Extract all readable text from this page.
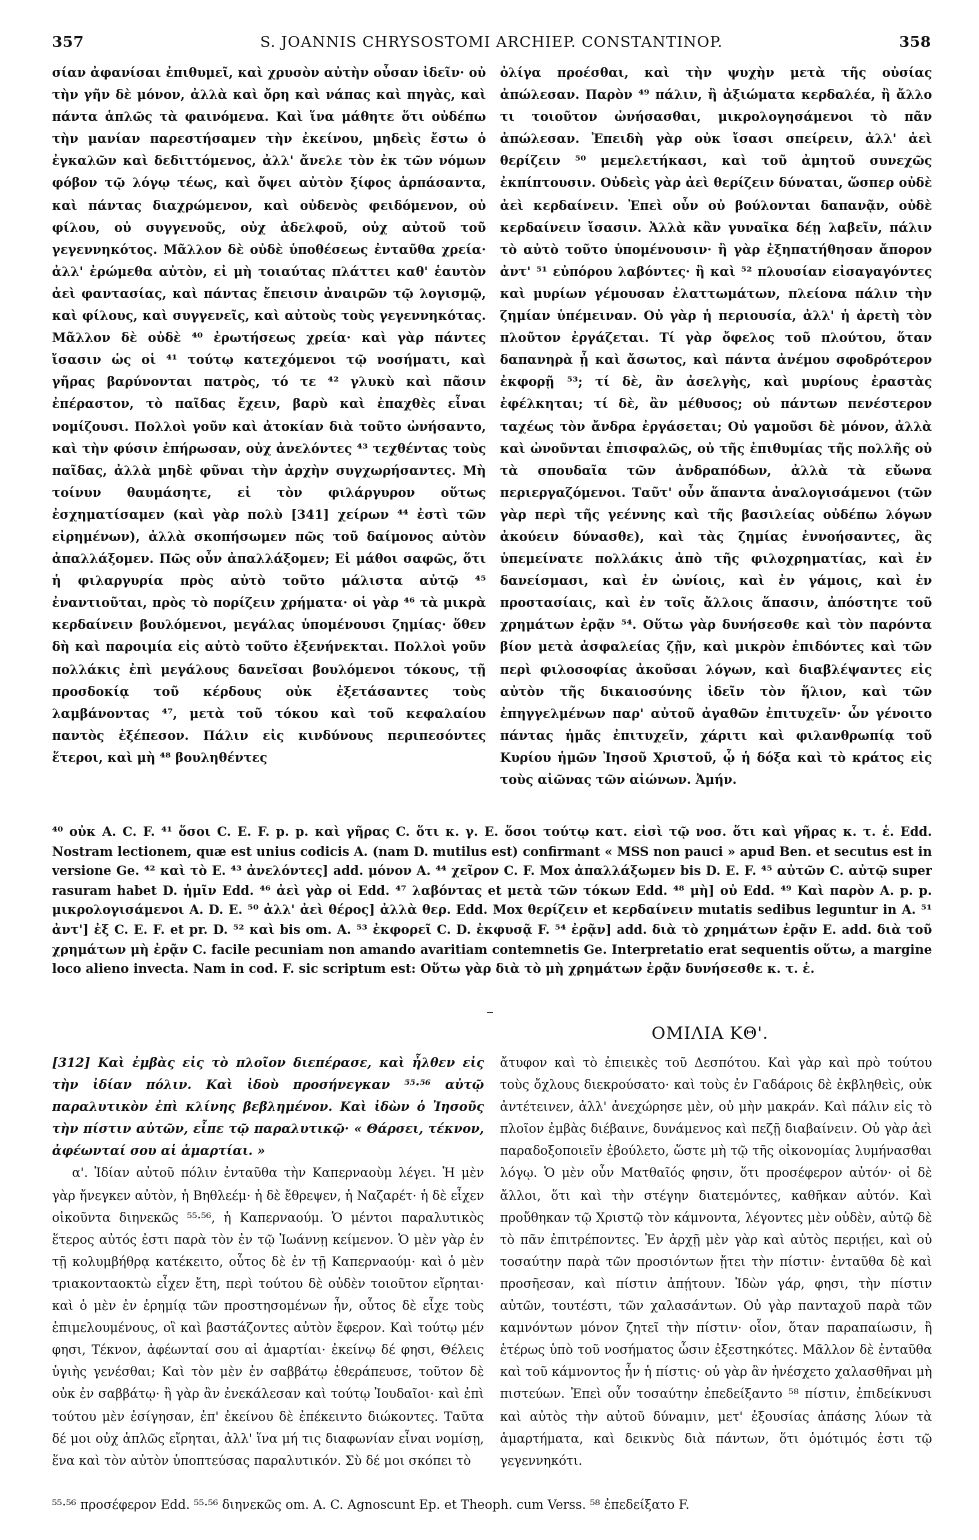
357	S. JOANNIS CHRYSOSTOMI ARCHIEP. CONSTANTINOP.	358

σίαν ἀφανίσαι ἐπιθυμεῖ, καὶ χρυσὸν αὐτὴν οὖσαν ἰδεῖν· οὐ τὴν γῆν δὲ μόνον, ἀλλὰ καὶ ὄρη καὶ νάπας καὶ πηγὰς, καὶ πάντα ἁπλῶς τὰ φαινόμενα. Καὶ ἵνα μάθητε ὅτι οὐδέπω τὴν μανίαν παρεστήσαμεν τὴν ἐκείνου, μηδεὶς ἔστω ὁ ἐγκαλῶν καὶ δεδιττόμενος, ἀλλ' ἄνελε τὸν ἐκ τῶν νόμων φόβον τῷ λόγῳ τέως, καὶ ὄψει αὐτὸν ξίφος ἁρπάσαντα, καὶ πάντας διαχρώμενον, καὶ οὐδενὸς φειδόμενον, οὐ φίλου, οὐ συγγενοῦς, οὐχ ἀδελφοῦ, οὐχ αὐτοῦ τοῦ γεγεννηκότος. Μᾶλλον δὲ οὐδὲ ὑποθέσεως ἐνταῦθα χρεία· ἀλλ' ἐρώμεθα αὐτὸν, εἰ μὴ τοιαύτας πλάττει καθ' ἑαυτὸν ἀεὶ φαντασίας, καὶ πάντας ἔπεισιν ἀναιρῶν τῷ λογισμῷ, καὶ φίλους, καὶ συγγενεῖς, καὶ αὐτοὺς τοὺς γεγεννηκότας. Μᾶλλον δὲ οὐδὲ ⁴⁰ ἐρωτήσεως χρεία· καὶ γὰρ πάντες ἴσασιν ὡς οἱ ⁴¹ τούτῳ κατεχόμενοι τῷ νοσήματι, καὶ γῆρας βαρύνονται πατρὸς, τό τε ⁴² γλυκὺ καὶ πᾶσιν ἐπέραστον, τὸ παῖδας ἔχειν, βαρὺ καὶ ἐπαχθὲς εἶναι νομίζουσι. Πολλοὶ γοῦν καὶ ἀτοκίαν διὰ τοῦτο ὠνήσαντο, καὶ τὴν φύσιν ἐπήρωσαν, οὐχ ἀνελόντες ⁴³ τεχθέντας τοὺς παῖδας, ἀλλὰ μηδὲ φῦναι τὴν ἀρχὴν συγχωρήσαντες. Μὴ τοίνυν θαυμάσητε, εἰ τὸν φιλάργυρον οὕτως ἐσχηματίσαμεν (καὶ γὰρ πολὺ [341] χείρων ⁴⁴ ἐστὶ τῶν εἰρημένων), ἀλλὰ σκοπήσωμεν πῶς τοῦ δαίμονος αὐτὸν ἀπαλλάξομεν. Πῶς οὖν ἀπαλλάξομεν; Εἰ μάθοι σαφῶς, ὅτι ἡ φιλαργυρία πρὸς αὐτὸ τοῦτο μάλιστα αὐτῷ ⁴⁵ ἐναντιοῦται, πρὸς τὸ πορίζειν χρήματα· οἱ γὰρ ⁴⁶ τὰ μικρὰ κερδαίνειν βουλόμενοι, μεγάλας ὑπομένουσι ζημίας· ὅθεν δὴ καὶ παροιμία εἰς αὐτὸ τοῦτο ἐξενήνεκται. Πολλοὶ γοῦν πολλάκις ἐπὶ μεγάλους δανεῖσαι βουλόμενοι τόκους, τῇ προσδοκίᾳ τοῦ κέρδους οὐκ ἐξετάσαντες τοὺς λαμβάνοντας ⁴⁷, μετὰ τοῦ τόκου καὶ τοῦ κεφαλαίου παντὸς ἐξέπεσον. Πάλιν εἰς κινδύνους περιπεσόντες ἕτεροι, καὶ μὴ ⁴⁸ βουληθέντες

ὀλίγα προέσθαι, καὶ τὴν ψυχὴν μετὰ τῆς οὐσίας ἀπώλεσαν. Παρὸν ⁴⁹ πάλιν, ἢ ἀξιώματα κερδαλέα, ἢ ἄλλο τι τοιοῦτον ὠνήσασθαι, μικρολογησάμενοι τὸ πᾶν ἀπώλεσαν. Ἐπειδὴ γὰρ οὐκ ἴσασι σπείρειν, ἀλλ' ἀεὶ θερίζειν ⁵⁰ μεμελετήκασι, καὶ τοῦ ἀμητοῦ συνεχῶς ἐκπίπτουσιν. Οὐδεὶς γὰρ ἀεὶ θερίζειν δύναται, ὥσπερ οὐδὲ ἀεὶ κερδαίνειν. Ἐπεὶ οὖν οὐ βούλονται δαπανᾷν, οὐδὲ κερδαίνειν ἴσασιν. Ἀλλὰ κἂν γυναῖκα δέῃ λαβεῖν, πάλιν τὸ αὐτὸ τοῦτο ὑπομένουσιν· ἢ γὰρ ἐξηπατήθησαν ἄπορον ἀντ' ⁵¹ εὐπόρου λαβόντες· ἢ καὶ ⁵² πλουσίαν εἰσαγαγόντες καὶ μυρίων γέμουσαν ἐλαττωμάτων, πλείονα πάλιν τὴν ζημίαν ὑπέμειναν. Οὐ γὰρ ἡ περιουσία, ἀλλ' ἡ ἀρετὴ τὸν πλοῦτον ἐργάζεται. Τί γὰρ ὄφελος τοῦ πλούτου, ὅταν δαπανηρὰ ᾖ καὶ ἄσωτος, καὶ πάντα ἀνέμου σφοδρότερον ἐκφορῇ ⁵³; τί δὲ, ἂν ἀσελγὴς, καὶ μυρίους ἐραστὰς ἐφέλκηται; τί δὲ, ἂν μέθυσος; οὐ πάντων πενέστερον ταχέως τὸν ἄνδρα ἐργάσεται; Οὐ γαμοῦσι δὲ μόνον, ἀλλὰ καὶ ὠνοῦνται ἐπισφαλῶς, οὐ τῆς ἐπιθυμίας τῆς πολλῆς οὐ τὰ σπουδαῖα τῶν ἀνδραπόδων, ἀλλὰ τὰ εὔωνα περιεργαζόμενοι. Ταῦτ' οὖν ἅπαντα ἀναλογισάμενοι (τῶν γὰρ περὶ τῆς γεέννης καὶ τῆς βασιλείας οὐδέπω λόγων ἀκούειν δύνασθε), καὶ τὰς ζημίας ἐννοήσαντες, ἃς ὑπεμείνατε πολλάκις ἀπὸ τῆς φιλοχρηματίας, καὶ ἐν δανείσμασι, καὶ ἐν ὠνίοις, καὶ ἐν γάμοις, καὶ ἐν προστασίαις, καὶ ἐν τοῖς ἄλλοις ἅπασιν, ἀπόστητε τοῦ χρημάτων ἐρᾷν ⁵⁴. Οὕτω γὰρ δυνήσεσθε καὶ τὸν παρόντα βίον μετὰ ἀσφαλείας ζῇν, καὶ μικρὸν ἐπιδόντες καὶ τῶν περὶ φιλοσοφίας ἀκοῦσαι λόγων, καὶ διαβλέψαντες εἰς αὐτὸν τῆς δικαιοσύνης ἰδεῖν τὸν ἥλιον, καὶ τῶν ἐπηγγελμένων παρ' αὐτοῦ ἀγαθῶν ἐπιτυχεῖν· ὧν γένοιτο πάντας ἡμᾶς ἐπιτυχεῖν, χάριτι καὶ φιλανθρωπίᾳ τοῦ Κυρίου ἡμῶν Ἰησοῦ Χριστοῦ, ᾧ ἡ δόξα καὶ τὸ κράτος εἰς τοὺς αἰῶνας τῶν αἰώνων. Ἀμήν.

⁴⁰ οὐκ A. C. F. ⁴¹ ὅσοι C. E. F. p. p. καὶ γῆρας C. ὅτι κ. γ. E. ὅσοι τούτῳ κατ. εἰσὶ τῷ νοσ. ὅτι καὶ γῆρας κ. τ. ἑ. Edd. Nostram lectionem, quæ est unius codicis A. (nam D. mutilus est) confirmant « MSS non pauci » apud Ben. et secutus est in versione Ge. ⁴² καὶ τὸ E. ⁴³ ἀνελόντες] add. μόνον A. ⁴⁴ χεῖρον C. F. Mox ἀπαλλάξωμεν bis D. E. F. ⁴⁵ αὐτῶν C. αὐτῷ super rasuram habet D. ἡμῖν Edd. ⁴⁶ ἀεὶ γὰρ οἱ Edd. ⁴⁷ λαβόντας et μετὰ τῶν τόκων Edd. ⁴⁸ μὴ] οὐ Edd. ⁴⁹ Καὶ παρὸν A. p. p. μικρολογισάμενοι A. D. E. ⁵⁰ ἀλλ' ἀεὶ θέρος] ἀλλὰ θερ. Edd. Mox θερίζειν et κερδαίνειν mutatis sedibus leguntur in A. ⁵¹ ἀντ'] ἐξ C. E. F. et pr. D. ⁵² καὶ bis om. A. ⁵³ ἐκφορεῖ C. D. ἐκφυσᾷ F. ⁵⁴ ἐρᾷν] add. διὰ τὸ χρημάτων ἐρᾷν E. add. διὰ τοῦ χρημάτων μὴ ἐρᾷν C. facile pecuniam non amando avaritiam contemnetis Ge. Interpretatio erat sequentis οὕτω, a margine loco alieno invecta. Nam in cod. F. sic scriptum est: Οὕτω γὰρ διὰ τὸ μὴ χρημάτων ἐρᾷν δυνήσεσθε κ. τ. ἑ.
ΟΜΙΛΙΑ ΚΘ'.

[312] Καὶ ἐμβὰς εἰς τὸ πλοῖον διεπέρασε, καὶ ἦλθεν εἰς τὴν ἰδίαν πόλιν. Καὶ ἰδοὺ προσήνεγκαν ⁵⁵·⁵⁶ αὐτῷ παραλυτικὸν ἐπὶ κλίνης βεβλημένον. Καὶ ἰδὼν ὁ Ἰησοῦς τὴν πίστιν αὐτῶν, εἶπε τῷ παραλυτικῷ· « Θάρσει, τέκνον, ἀφέωνταί σου αἱ ἁμαρτίαι. »

α'. Ἰδίαν αὐτοῦ πόλιν ἐνταῦθα τὴν Καπερναοὺμ λέγει. Ἡ μὲν γὰρ ἤνεγκεν αὐτὸν, ἡ Βηθλεέμ· ἡ δὲ ἔθρεψεν, ἡ Ναζαρέτ· ἡ δὲ εἶχεν οἰκοῦντα διηνεκῶς ⁵⁵·⁵⁶, ἡ Καπερναούμ. Ὁ μέντοι παραλυτικὸς ἕτερος αὐτός ἐστι παρὰ τὸν ἐν τῷ Ἰωάννῃ κείμενον. Ὁ μὲν γὰρ ἐν τῇ κολυμβήθρᾳ κατέκειτο, οὗτος δὲ ἐν τῇ Καπερναούμ· καὶ ὁ μὲν τριακονταοκτὼ εἶχεν ἔτη, περὶ τούτου δὲ οὐδὲν τοιοῦτον εἴρηται· καὶ ὁ μὲν ἐν ἐρημίᾳ τῶν προστησομένων ἦν, οὗτος δὲ εἶχε τοὺς ἐπιμελουμένους, οἳ καὶ βαστάζοντες αὐτὸν ἔφερον. Καὶ τούτῳ μέν φησι, Τέκνον, ἀφέωνταί σου αἱ ἁμαρτίαι· ἐκείνῳ δέ φησι, Θέλεις ὑγιὴς γενέσθαι; Καὶ τὸν μὲν ἐν σαββάτῳ ἐθεράπευσε, τοῦτον δὲ οὐκ ἐν σαββάτῳ· ἢ γὰρ ἂν ἐνεκάλεσαν καὶ τούτῳ Ἰουδαῖοι· καὶ ἐπὶ τούτου μὲν ἐσίγησαν, ἐπ' ἐκείνου δὲ ἐπέκειντο διώκοντες. Ταῦτα δέ μοι οὐχ ἁπλῶς εἴρηται, ἀλλ' ἵνα μή τις διαφωνίαν εἶναι νομίσῃ, ἕνα καὶ τὸν αὐτὸν ὑποπτεύσας παραλυτικόν. Σὺ δέ μοι σκόπει τὸ

ἄτυφον καὶ τὸ ἐπιεικὲς τοῦ Δεσπότου. Καὶ γὰρ καὶ πρὸ τούτου τοὺς ὄχλους διεκρούσατο· καὶ τοὺς ἐν Γαδάροις δὲ ἐκβληθεὶς, οὐκ ἀντέτεινεν, ἀλλ' ἀνεχώρησε μὲν, οὐ μὴν μακράν. Καὶ πάλιν εἰς τὸ πλοῖον ἐμβὰς διέβαινε, δυνάμενος καὶ πεζῇ διαβαίνειν. Οὐ γὰρ ἀεὶ παραδοξοποιεῖν ἐβούλετο, ὥστε μὴ τῷ τῆς οἰκονομίας λυμήνασθαι λόγῳ. Ὁ μὲν οὖν Ματθαῖός φησιν, ὅτι προσέφερον αὐτόν· οἱ δὲ ἄλλοι, ὅτι καὶ τὴν στέγην διατεμόντες, καθῆκαν αὐτόν. Καὶ προὔθηκαν τῷ Χριστῷ τὸν κάμνοντα, λέγοντες μὲν οὐδὲν, αὐτῷ δὲ τὸ πᾶν ἐπιτρέποντες. Ἐν ἀρχῇ μὲν γὰρ καὶ αὐτὸς περιῄει, καὶ οὐ τοσαύτην παρὰ τῶν προσιόντων ᾔτει τὴν πίστιν· ἐνταῦθα δὲ καὶ προσῆεσαν, καὶ πίστιν ἀπῄτουν. Ἰδὼν γάρ, φησι, τὴν πίστιν αὐτῶν, τουτέστι, τῶν χαλασάντων. Οὐ γὰρ πανταχοῦ παρὰ τῶν καμνόντων μόνον ζητεῖ τὴν πίστιν· οἷον, ὅταν παραπαίωσιν, ἢ ἑτέρως ὑπὸ τοῦ νοσήματος ὦσιν ἐξεστηκότες. Μᾶλλον δὲ ἐνταῦθα καὶ τοῦ κάμνοντος ἦν ἡ πίστις· οὐ γὰρ ἂν ἠνέσχετο χαλασθῆναι μὴ πιστεύων. Ἐπεὶ οὖν τοσαύτην ἐπεδείξαντο ⁵⁸ πίστιν, ἐπιδείκνυσι καὶ αὐτὸς τὴν αὐτοῦ δύναμιν, μετ' ἐξουσίας ἁπάσης λύων τὰ ἁμαρτήματα, καὶ δεικνὺς διὰ πάντων, ὅτι ὁμότιμός ἐστι τῷ γεγεννηκότι.

⁵⁵·⁵⁶ προσέφερον Edd. ⁵⁵·⁵⁶ διηνεκῶς om. A. C. Agnoscunt Ep. et Theoph. cum Verss. ⁵⁸ ἐπεδείξατο F.
